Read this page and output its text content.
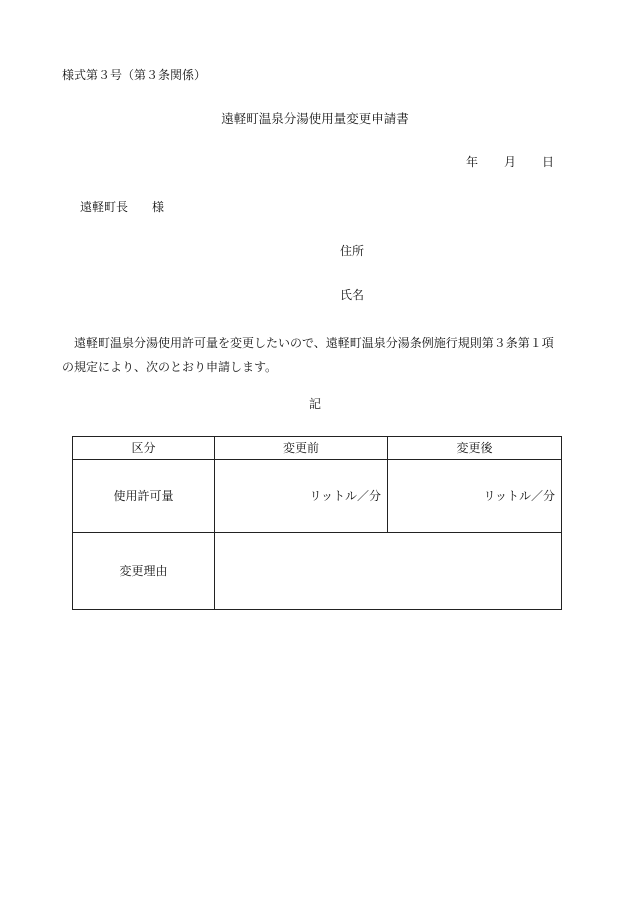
様式第３号（第３条関係）
遠軽町温泉分湯使用量変更申請書
年 月 日
遠軽町長 様
住所
氏名
遠軽町温泉分湯使用許可量を変更したいので、遠軽町温泉分湯条例施行規則第３条第１項の規定により、次のとおり申請します。
記
区分	変更前	変更後
使用許可量	リットル／分	リットル／分
変更理由		
